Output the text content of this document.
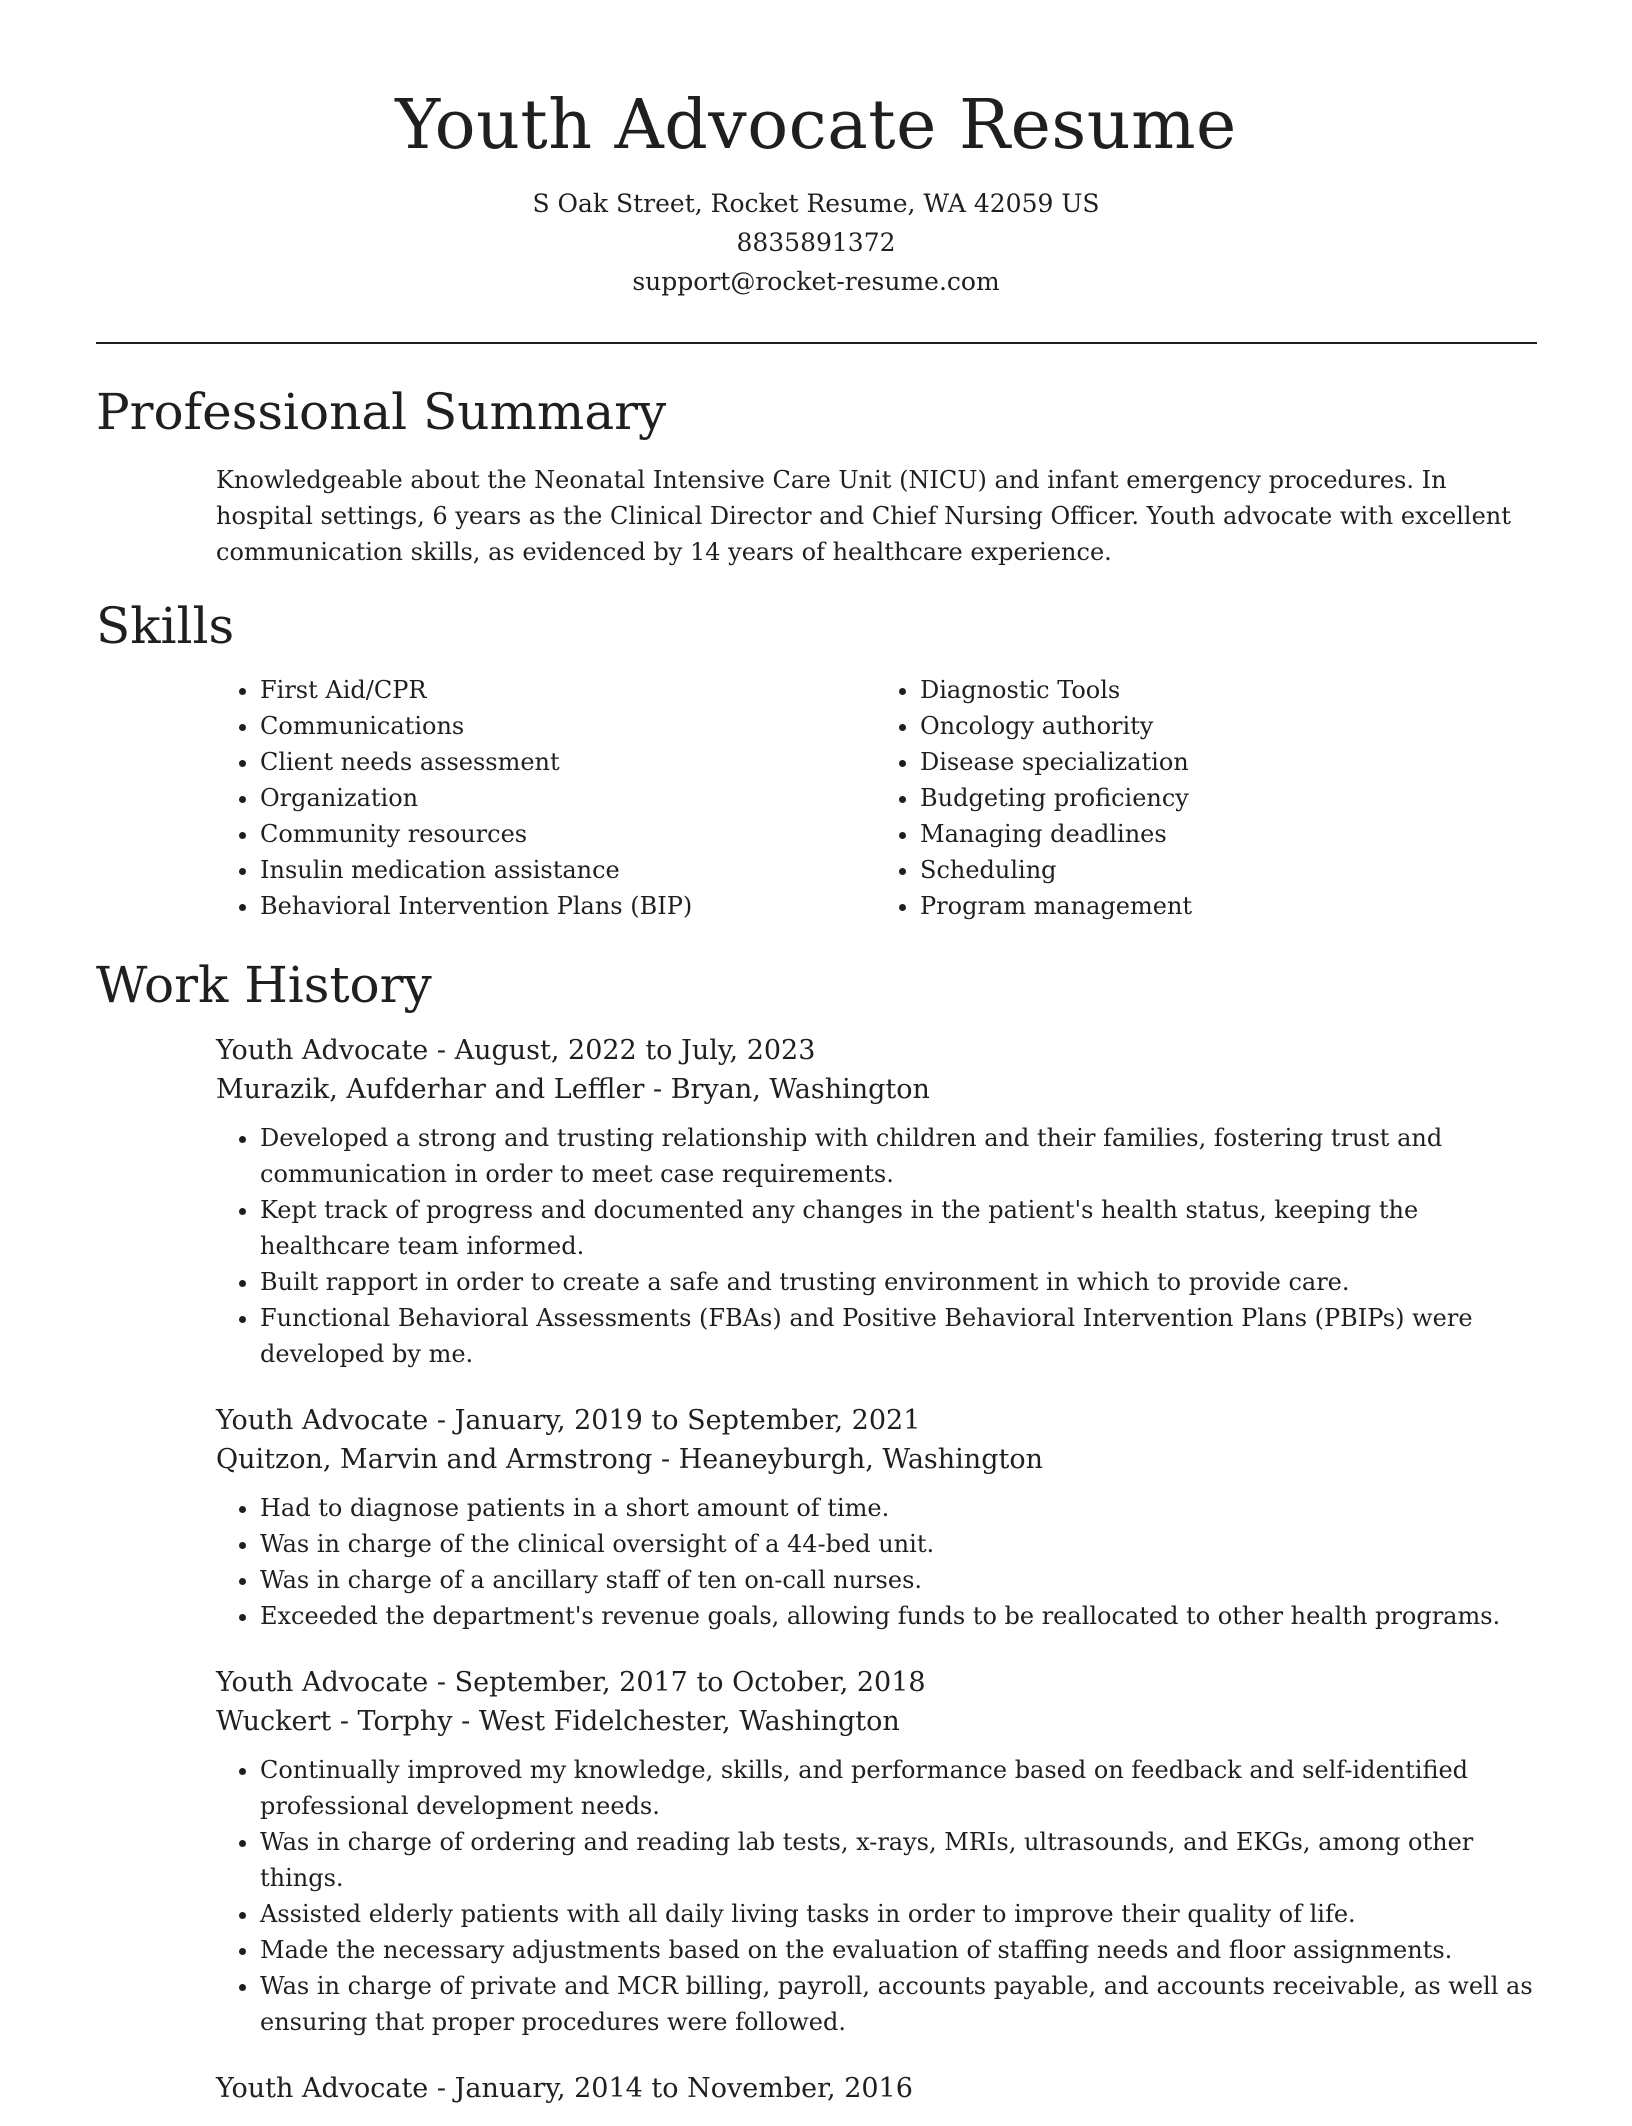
Youth Advocate Resume
S Oak Street, Rocket Resume, WA 42059 US
8835891372
support@rocket-resume.com
Professional Summary
Knowledgeable about the Neonatal Intensive Care Unit (NICU) and infant emergency procedures. In hospital settings, 6 years as the Clinical Director and Chief Nursing Officer. Youth advocate with excellent communication skills, as evidenced by 14 years of healthcare experience.
Skills
• First Aid/CPR
• Communications
• Client needs assessment
• Organization
• Community resources
• Insulin medication assistance
• Behavioral Intervention Plans (BIP)
• Diagnostic Tools
• Oncology authority
• Disease specialization
• Budgeting proficiency
• Managing deadlines
• Scheduling
• Program management
Work History
Youth Advocate - August, 2022 to July, 2023
Murazik, Aufderhar and Leffler - Bryan, Washington
• Developed a strong and trusting relationship with children and their families, fostering trust and communication in order to meet case requirements.
• Kept track of progress and documented any changes in the patient's health status, keeping the healthcare team informed.
• Built rapport in order to create a safe and trusting environment in which to provide care.
• Functional Behavioral Assessments (FBAs) and Positive Behavioral Intervention Plans (PBIPs) were developed by me.
Youth Advocate - January, 2019 to September, 2021
Quitzon, Marvin and Armstrong - Heaneyburgh, Washington
• Had to diagnose patients in a short amount of time.
• Was in charge of the clinical oversight of a 44-bed unit.
• Was in charge of a ancillary staff of ten on-call nurses.
• Exceeded the department's revenue goals, allowing funds to be reallocated to other health programs.
Youth Advocate - September, 2017 to October, 2018
Wuckert - Torphy - West Fidelchester, Washington
• Continually improved my knowledge, skills, and performance based on feedback and self-identified professional development needs.
• Was in charge of ordering and reading lab tests, x-rays, MRIs, ultrasounds, and EKGs, among other things.
• Assisted elderly patients with all daily living tasks in order to improve their quality of life.
• Made the necessary adjustments based on the evaluation of staffing needs and floor assignments.
• Was in charge of private and MCR billing, payroll, accounts payable, and accounts receivable, as well as ensuring that proper procedures were followed.
Youth Advocate - January, 2014 to November, 2016
